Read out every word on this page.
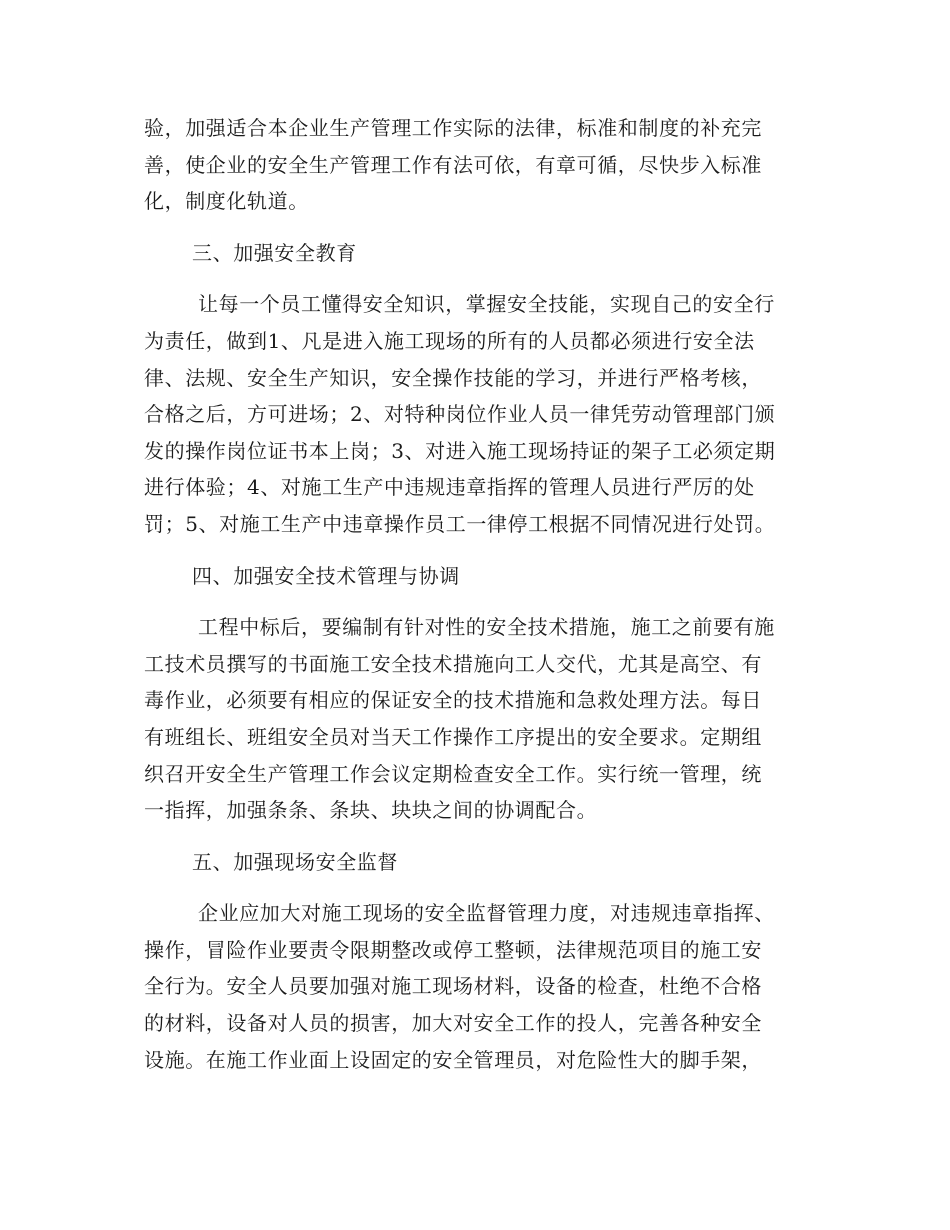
验，加强适合本企业生产管理工作实际的法律，标准和制度的补充完
善，使企业的安全生产管理工作有法可依，有章可循，尽快步入标准
化，制度化轨道。
三、加强安全教育
让每一个员工懂得安全知识，掌握安全技能，实现自己的安全行
为责任，做到1、凡是进入施工现场的所有的人员都必须进行安全法
律、法规、安全生产知识，安全操作技能的学习，并进行严格考核，
合格之后，方可进场；2、对特种岗位作业人员一律凭劳动管理部门颁
发的操作岗位证书本上岗；3、对进入施工现场持证的架子工必须定期
进行体验；4、对施工生产中违规违章指挥的管理人员进行严厉的处
罚；5、对施工生产中违章操作员工一律停工根据不同情况进行处罚。
四、加强安全技术管理与协调
工程中标后，要编制有针对性的安全技术措施，施工之前要有施
工技术员撰写的书面施工安全技术措施向工人交代，尤其是高空、有
毒作业，必须要有相应的保证安全的技术措施和急救处理方法。每日
有班组长、班组安全员对当天工作操作工序提出的安全要求。定期组
织召开安全生产管理工作会议定期检查安全工作。实行统一管理，统
一指挥，加强条条、条块、块块之间的协调配合。
五、加强现场安全监督
企业应加大对施工现场的安全监督管理力度，对违规违章指挥、
操作，冒险作业要责令限期整改或停工整顿，法律规范项目的施工安
全行为。安全人员要加强对施工现场材料，设备的检查，杜绝不合格
的材料，设备对人员的损害，加大对安全工作的投人，完善各种安全
设施。在施工作业面上设固定的安全管理员，对危险性大的脚手架，
